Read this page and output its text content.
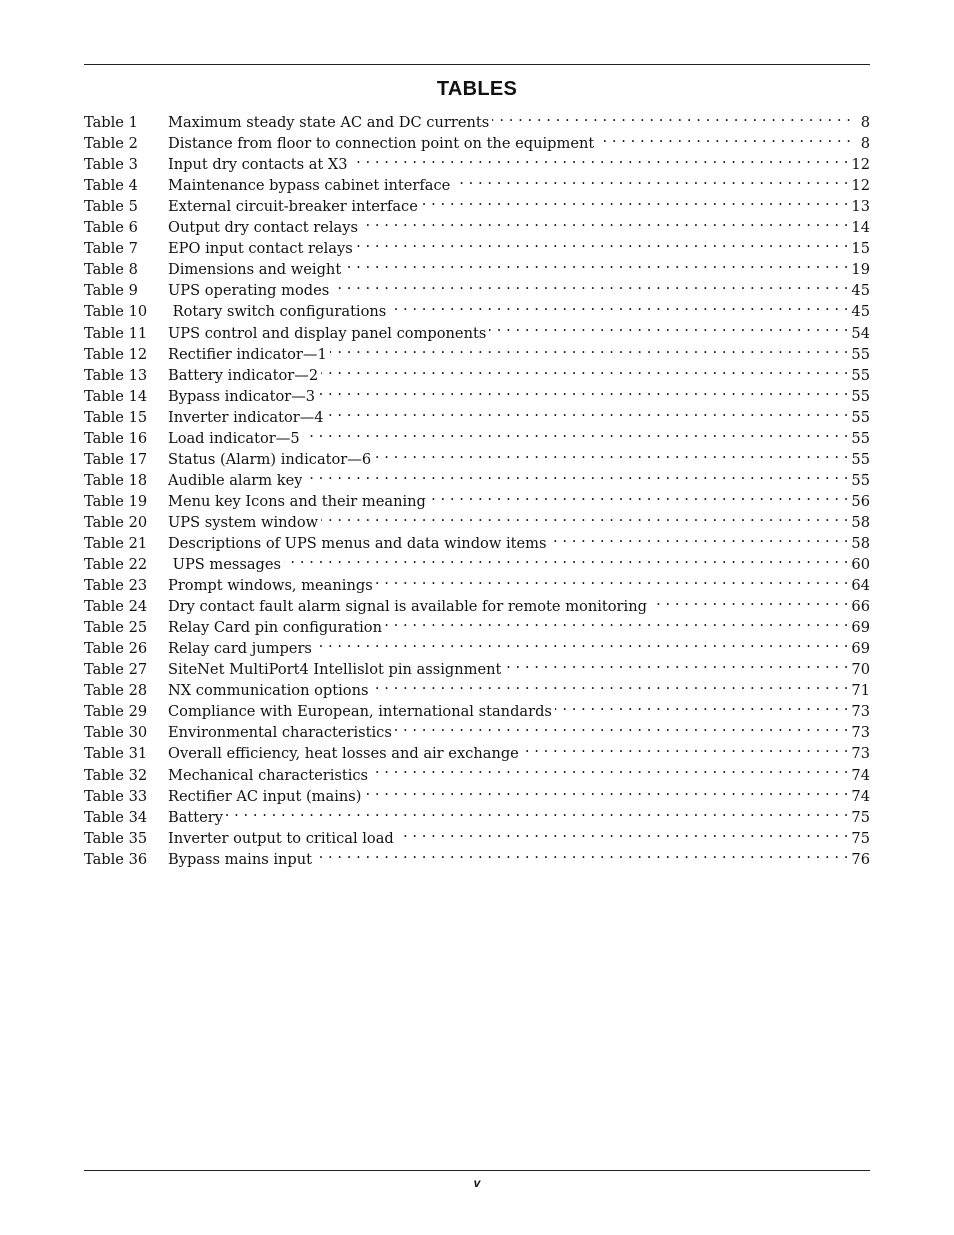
TABLES
Table 1	Maximum steady state AC and DC currents . . .	8
Table 2	Distance from floor to connection point on the equipment . . .	8
Table 3	Input dry contacts at X3 . . .	12
Table 4	Maintenance bypass cabinet interface . . .	12
Table 5	External circuit-breaker interface . . .	13
Table 6	Output dry contact relays . . .	14
Table 7	EPO input contact relays . . .	15
Table 8	Dimensions and weight . . .	19
Table 9	UPS operating modes . . .	45
Table 10	Rotary switch configurations . . .	45
Table 11	UPS control and display panel components . . .	54
Table 12	Rectifier indicator—1 . . .	55
Table 13	Battery indicator—2 . . .	55
Table 14	Bypass indicator—3 . . .	55
Table 15	Inverter indicator—4 . . .	55
Table 16	Load indicator—5 . . .	55
Table 17	Status (Alarm) indicator—6 . . .	55
Table 18	Audible alarm key . . .	55
Table 19	Menu key Icons and their meaning . . .	56
Table 20	UPS system window . . .	58
Table 21	Descriptions of UPS menus and data window items . . .	58
Table 22	UPS messages . . .	60
Table 23	Prompt windows, meanings . . .	64
Table 24	Dry contact fault alarm signal is available for remote monitoring . . .	66
Table 25	Relay Card pin configuration . . .	69
Table 26	Relay card jumpers . . .	69
Table 27	SiteNet MultiPort4 Intellislot pin assignment . . .	70
Table 28	NX communication options . . .	71
Table 29	Compliance with European, international standards . . .	73
Table 30	Environmental characteristics . . .	73
Table 31	Overall efficiency, heat losses and air exchange . . .	73
Table 32	Mechanical characteristics . . .	74
Table 33	Rectifier AC input (mains) . . .	74
Table 34	Battery . . .	75
Table 35	Inverter output to critical load . . .	75
Table 36	Bypass mains input . . .	76
v
